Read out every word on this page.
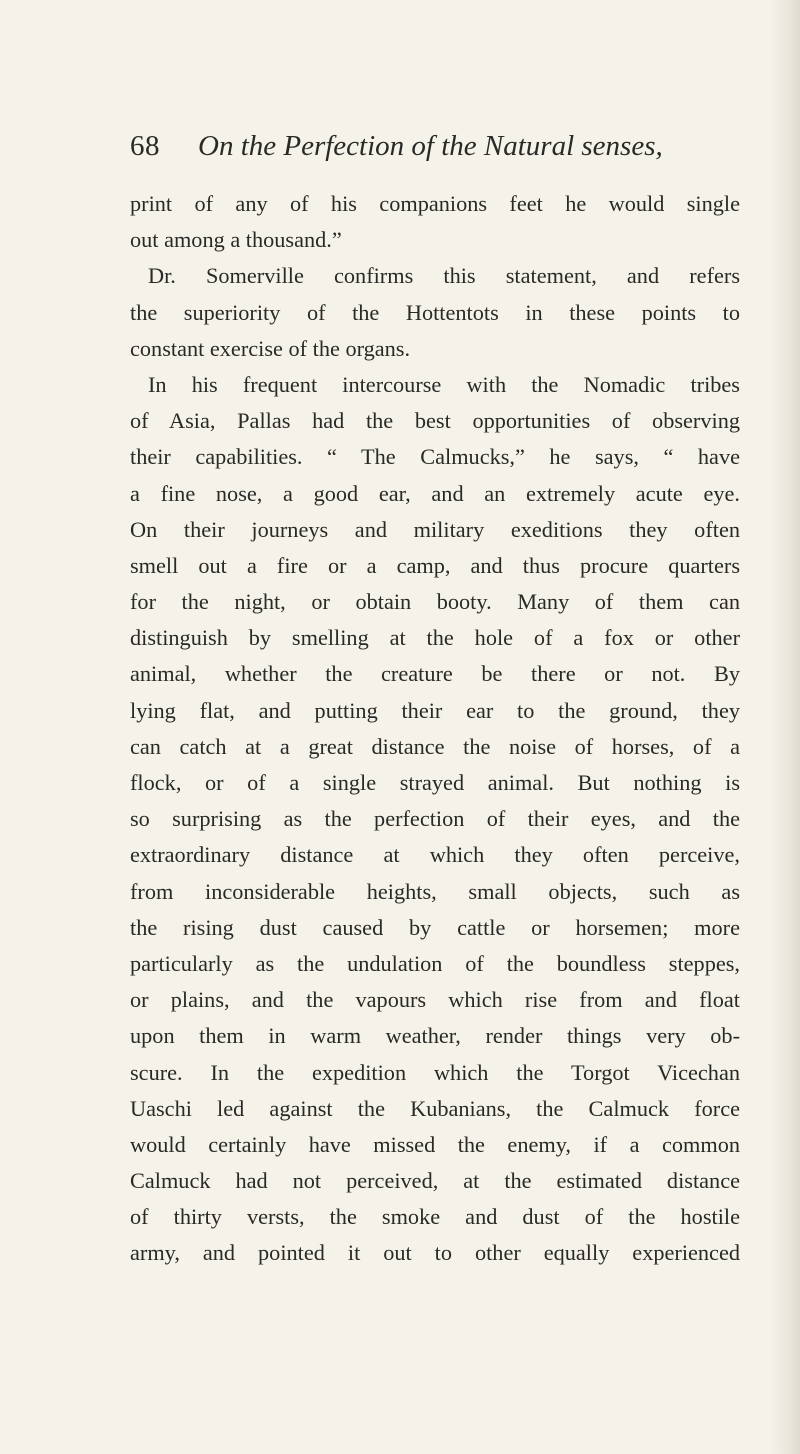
68 On the Perfection of the Natural senses,
print of any of his companions feet he would single
out among a thousand.”
Dr. Somerville confirms this statement, and refers
the superiority of the Hottentots in these points to
constant exercise of the organs.
In his frequent intercourse with the Nomadic tribes
of Asia, Pallas had the best opportunities of observing
their capabilities. “ The Calmucks,” he says, “ have
a fine nose, a good ear, and an extremely acute eye.
On their journeys and military exeditions they often
smell out a fire or a camp, and thus procure quarters
for the night, or obtain booty. Many of them can
distinguish by smelling at the hole of a fox or other
animal, whether the creature be there or not. By
lying flat, and putting their ear to the ground, they
can catch at a great distance the noise of horses, of a
flock, or of a single strayed animal. But nothing is
so surprising as the perfection of their eyes, and the
extraordinary distance at which they often perceive,
from inconsiderable heights, small objects, such as
the rising dust caused by cattle or horsemen; more
particularly as the undulation of the boundless steppes,
or plains, and the vapours which rise from and float
upon them in warm weather, render things very ob-
scure. In the expedition which the Torgot Vicechan
Uaschi led against the Kubanians, the Calmuck force
would certainly have missed the enemy, if a common
Calmuck had not perceived, at the estimated distance
of thirty versts, the smoke and dust of the hostile
army, and pointed it out to other equally experienced
